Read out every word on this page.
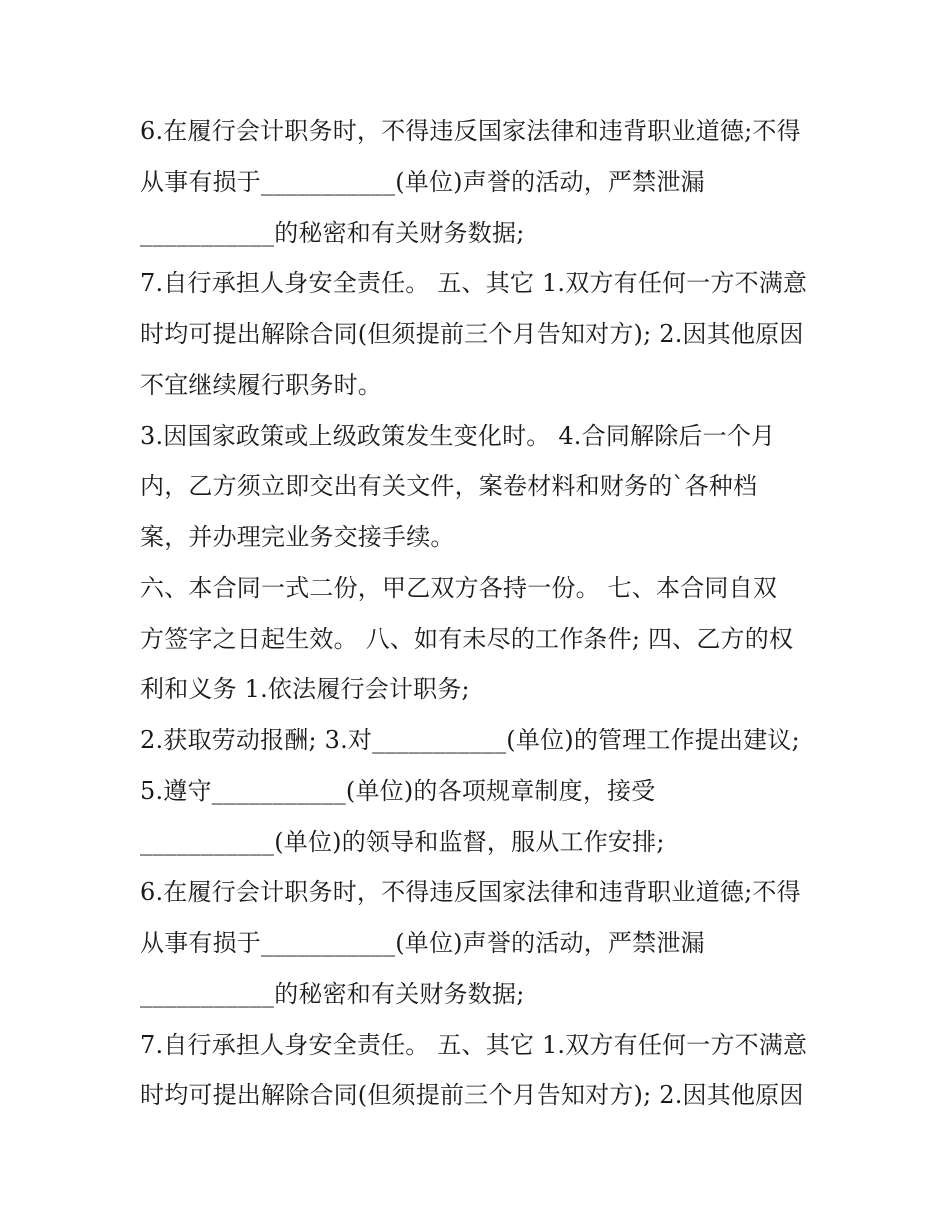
6.在履行会计职务时，不得违反国家法律和违背职业道德;不得
从事有损于___________(单位)声誉的活动，严禁泄漏
___________的秘密和有关财务数据;
7.自行承担人身安全责任。 五、其它 1.双方有任何一方不满意
时均可提出解除合同(但须提前三个月告知对方); 2.因其他原因
不宜继续履行职务时。
3.因国家政策或上级政策发生变化时。 4.合同解除后一个月
内，乙方须立即交出有关文件，案卷材料和财务的`各种档
案，并办理完业务交接手续。
六、本合同一式二份，甲乙双方各持一份。 七、本合同自双
方签字之日起生效。 八、如有未尽的工作条件; 四、乙方的权
利和义务 1.依法履行会计职务;
2.获取劳动报酬; 3.对___________(单位)的管理工作提出建议;
5.遵守___________(单位)的各项规章制度，接受
___________(单位)的领导和监督，服从工作安排;
6.在履行会计职务时，不得违反国家法律和违背职业道德;不得
从事有损于___________(单位)声誉的活动，严禁泄漏
___________的秘密和有关财务数据;
7.自行承担人身安全责任。 五、其它 1.双方有任何一方不满意
时均可提出解除合同(但须提前三个月告知对方); 2.因其他原因
